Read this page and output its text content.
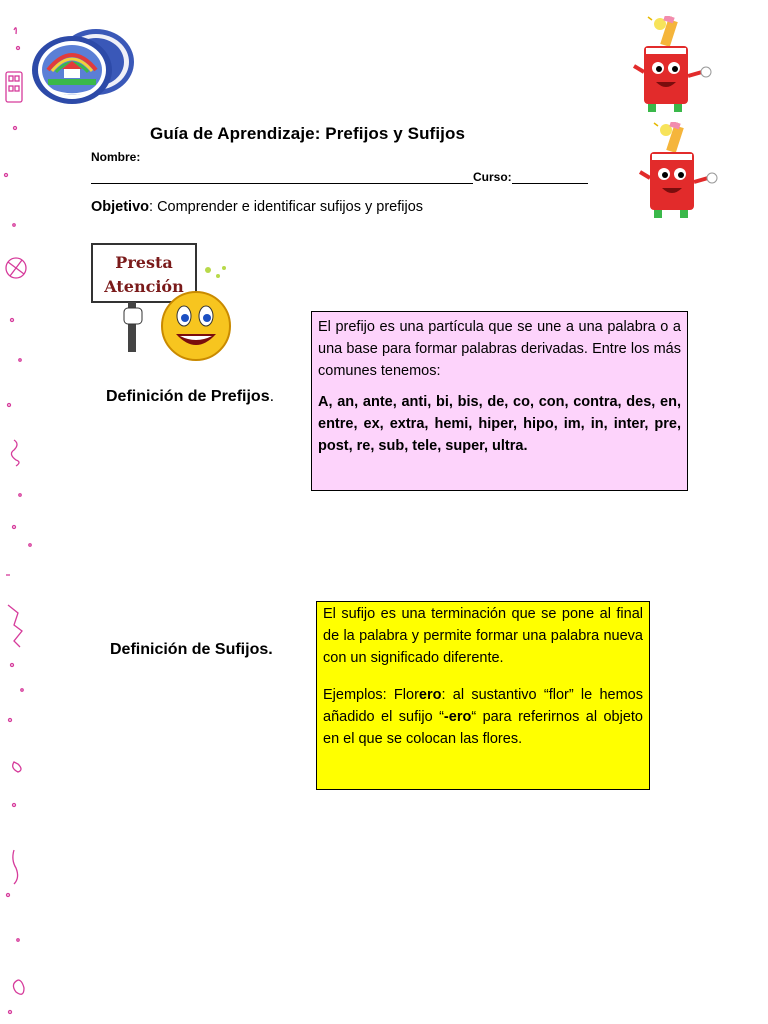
Guía de Aprendizaje: Prefijos y Sufijos
Nombre:
Curso:
Objetivo: Comprender e identificar sufijos y prefijos
Presta
Atención
Definición de Prefijos.

El prefijo es una partícula que se une a una palabra o a una base para formar palabras derivadas. Entre los más comunes tenemos:

A, an, ante, anti, bi, bis, de, co, con, contra, des, en, entre, ex, extra, hemi, hiper, hipo, im, in, inter, pre, post, re, sub, tele, super, ultra.

Definición de Sufijos.

El sufijo es una terminación que se pone al final de la palabra y permite formar una palabra nueva con un significado diferente.

Ejemplos: Florero: al sustantivo “flor” le hemos añadido el sufijo “-ero“ para referirnos al objeto en el que se colocan las flores.
